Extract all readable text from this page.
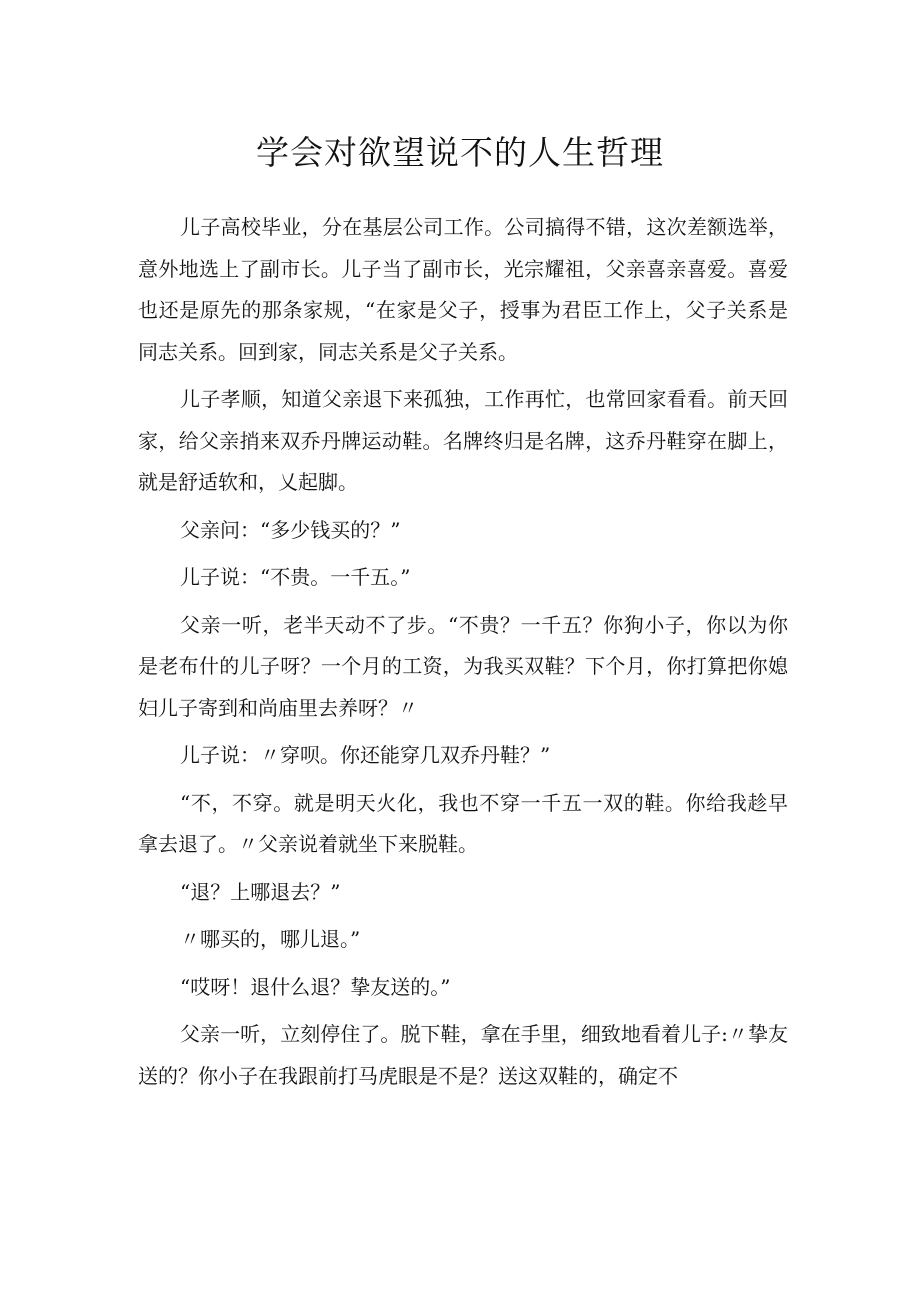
学会对欲望说不的人生哲理

儿子高校毕业，分在基层公司工作。公司搞得不错，这次差额选举，意外地选上了副市长。儿子当了副市长，光宗耀祖，父亲喜亲喜爱。喜爱也还是原先的那条家规，“在家是父子，授事为君臣工作上，父子关系是同志关系。回到家，同志关系是父子关系。

儿子孝顺，知道父亲退下来孤独，工作再忙，也常回家看看。前天回家，给父亲捎来双乔丹牌运动鞋。名牌终归是名牌，这乔丹鞋穿在脚上，就是舒适软和，乂起脚。

父亲问：“多少钱买的？”

儿子说：“不贵。一千五。”

父亲一听，老半天动不了步。“不贵？一千五？你狗小子，你以为你是老布什的儿子呀？一个月的工资，为我买双鞋？下个月，你打算把你媳妇儿子寄到和尚庙里去养呀？〃

儿子说：〃穿呗。你还能穿几双乔丹鞋？”

“不，不穿。就是明天火化，我也不穿一千五一双的鞋。你给我趁早拿去退了。〃父亲说着就坐下来脱鞋。

“退？上哪退去？”

〃哪买的，哪儿退。”

“哎呀！退什么退？挚友送的。”

父亲一听，立刻停住了。脱下鞋，拿在手里，细致地看着儿子:〃挚友送的？你小子在我跟前打马虎眼是不是？送这双鞋的，确定不
